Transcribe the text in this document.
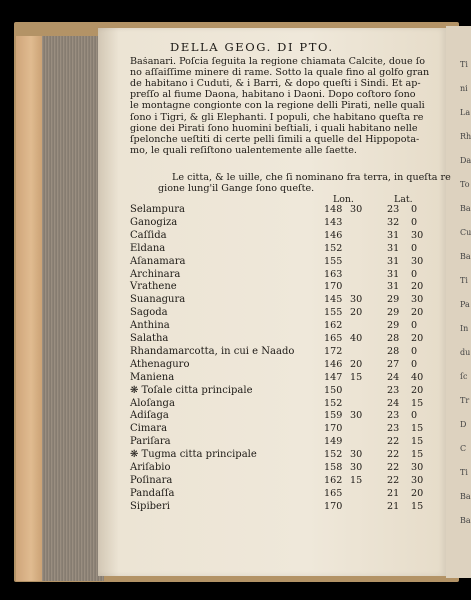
Ti
ni
La
Rh
Da
To
Ba
Cu
Ba
Ti
Pa
In
du
ſc
Tr
D
C
Ti
Ba
Ba
DELLA GEOG. DI PTO.
Baṡanari. Poſcia ſeguita la regione chiamata Calcite, doue ſo
no aſſaiſſime minere di rame. Sotto la quale fino al golfo gran
de habitano i Cuduti, & i Barri, & dopo queſti i Sindi. Et ap-
preſſo al fiume Daona, habitano i Daoni. Dopo coſtoro ſono
le montagne congionte con la regione delli Pirati, nelle quali
ſono i Tigri, & gli Elephanti. I populi, che habitano queſta re
gione dei Pirati ſono huomini beſtiali, i quali habitano nelle
ſpelonche ueſtiti di certe pelli ſimili a quelle del Hippopota-
mo, le quali reſiſtono ualentemente alle ſaette.
Le citta, & le uille, che ſi nominano fra terra, in queſta re
gione lung'il Gange ſono queſte.
Lon.	Lat.
Selampura	148 30	23 0
Ganogiza	143	32 0
Caſſida	146	31 30
Eldana	152	31 0
Aſanamara	155	31 30
Archinara	163	31 0
Vrathene	170	31 20
Suanagura	145 30	29 30
Sagoda	155 20	29 20
Anthina	162	29 0
Salatha	165 40	28 20
Rhandamarcotta, in cui e Naado	172	28 0
Athenaguro	146 20	27 0
Maniena	147 15	24 40
❋ Toſale citta principale	150	23 20
Aloſanga	152	24 15
Adiſaga	159 30	23 0
Cimara	170	23 15
Pariſara	149	22 15
❋ Tugma citta principale	152 30	22 15
Ariſabio	158 30	22 30
Poſinara	162 15	22 30
Pandaſſa	165	21 20
Sipiberi	170	21 15
